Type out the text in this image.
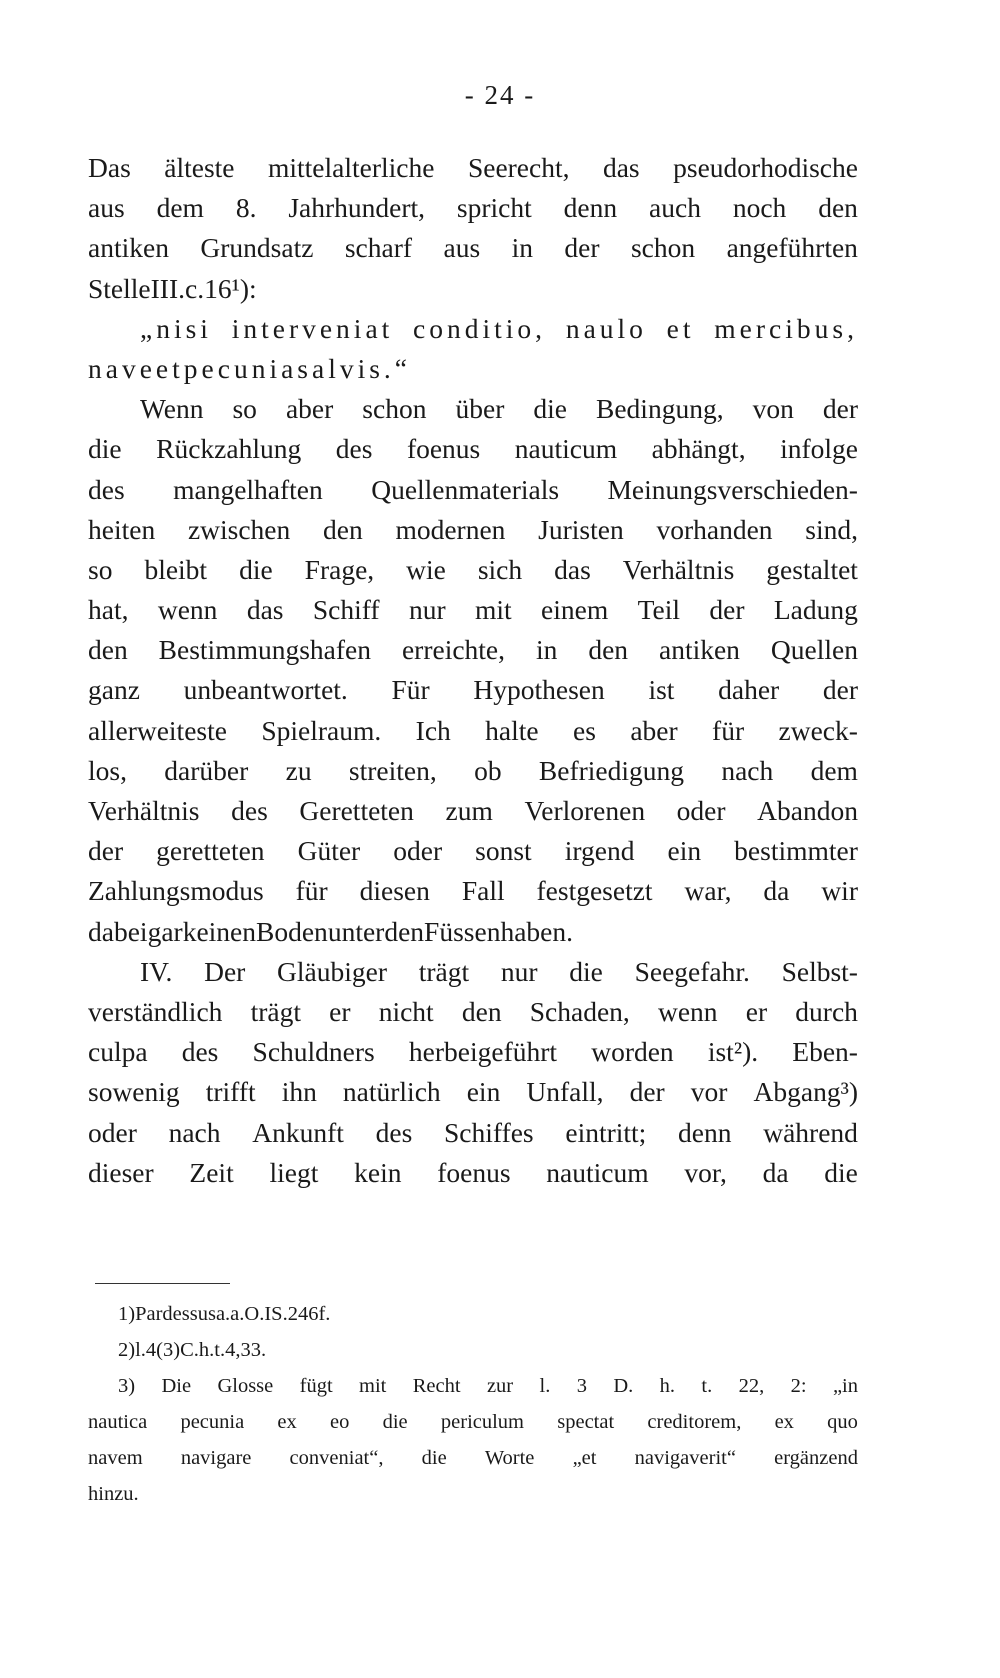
- 24 -
Das älteste mittelalterliche Seerecht, das pseudorhodische
aus dem 8. Jahrhundert, spricht denn auch noch den
antiken Grundsatz scharf aus in der schon angeführten
Stelle III. c. 16¹):
„nisi interveniat conditio, naulo et mercibus,
nave et pecunia salvis.“
Wenn so aber schon über die Bedingung, von der
die Rückzahlung des foenus nauticum abhängt, infolge
des mangelhaften Quellenmaterials Meinungsverschieden-
heiten zwischen den modernen Juristen vorhanden sind,
so bleibt die Frage, wie sich das Verhältnis gestaltet
hat, wenn das Schiff nur mit einem Teil der Ladung
den Bestimmungshafen erreichte, in den antiken Quellen
ganz unbeantwortet. Für Hypothesen ist daher der
allerweiteste Spielraum. Ich halte es aber für zweck-
los, darüber zu streiten, ob Befriedigung nach dem
Verhältnis des Geretteten zum Verlorenen oder Abandon
der geretteten Güter oder sonst irgend ein bestimmter
Zahlungsmodus für diesen Fall festgesetzt war, da wir
dabei gar keinen Boden unter den Füssen haben.
IV. Der Gläubiger trägt nur die Seegefahr. Selbst-
verständlich trägt er nicht den Schaden, wenn er durch
culpa des Schuldners herbeigeführt worden ist²). Eben-
sowenig trifft ihn natürlich ein Unfall, der vor Abgang³)
oder nach Ankunft des Schiffes eintritt; denn während
dieser Zeit liegt kein foenus nauticum vor, da die
1) Pardessus a. a. O. I S. 246 f.
2) l. 4 (3) C. h. t. 4, 33.
3) Die Glosse fügt mit Recht zur l. 3 D. h. t. 22, 2: „in
nautica pecunia ex eo die periculum spectat creditorem, ex quo
navem navigare conveniat“, die Worte „et navigaverit“ ergänzend
hinzu.
